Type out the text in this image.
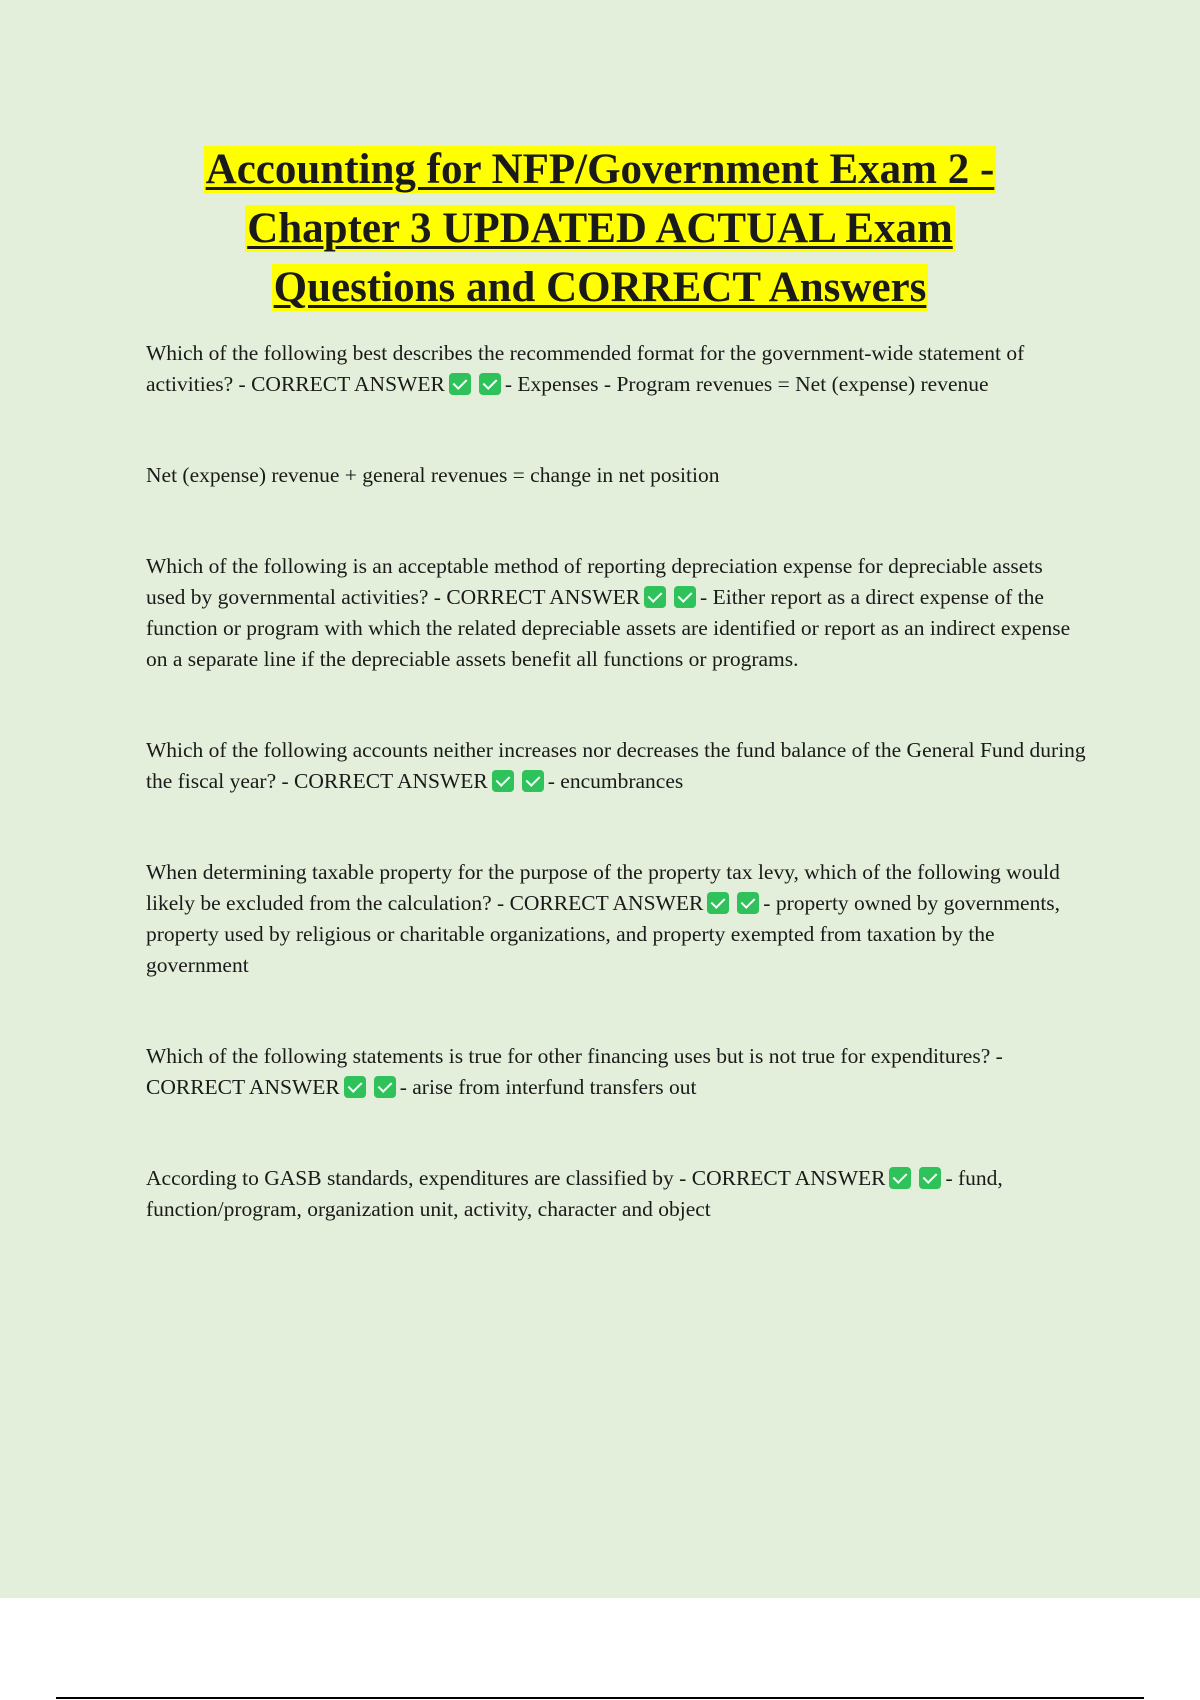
Accounting for NFP/Government Exam 2 -
Chapter 3 UPDATED ACTUAL Exam
Questions and CORRECT Answers

Which of the following best describes the recommended format for the government-wide statement of activities? - CORRECT ANSWER	- Expenses - Program revenues = Net (expense) revenue

Net (expense) revenue + general revenues = change in net position

Which of the following is an acceptable method of reporting depreciation expense for depreciable assets used by governmental activities? - CORRECT ANSWER	- Either report as a direct expense of the function or program with which the related depreciable assets are identified or report as an indirect expense on a separate line if the depreciable assets benefit all functions or programs.

Which of the following accounts neither increases nor decreases the fund balance of the General Fund during the fiscal year? - CORRECT ANSWER	- encumbrances

When determining taxable property for the purpose of the property tax levy, which of the following would likely be excluded from the calculation? - CORRECT ANSWER	- property owned by governments, property used by religious or charitable organizations, and property exempted from taxation by the government

Which of the following statements is true for other financing uses but is not true for expenditures? - CORRECT ANSWER	- arise from interfund transfers out

According to GASB standards, expenditures are classified by - CORRECT ANSWER	- fund, function/program, organization unit, activity, character and object
